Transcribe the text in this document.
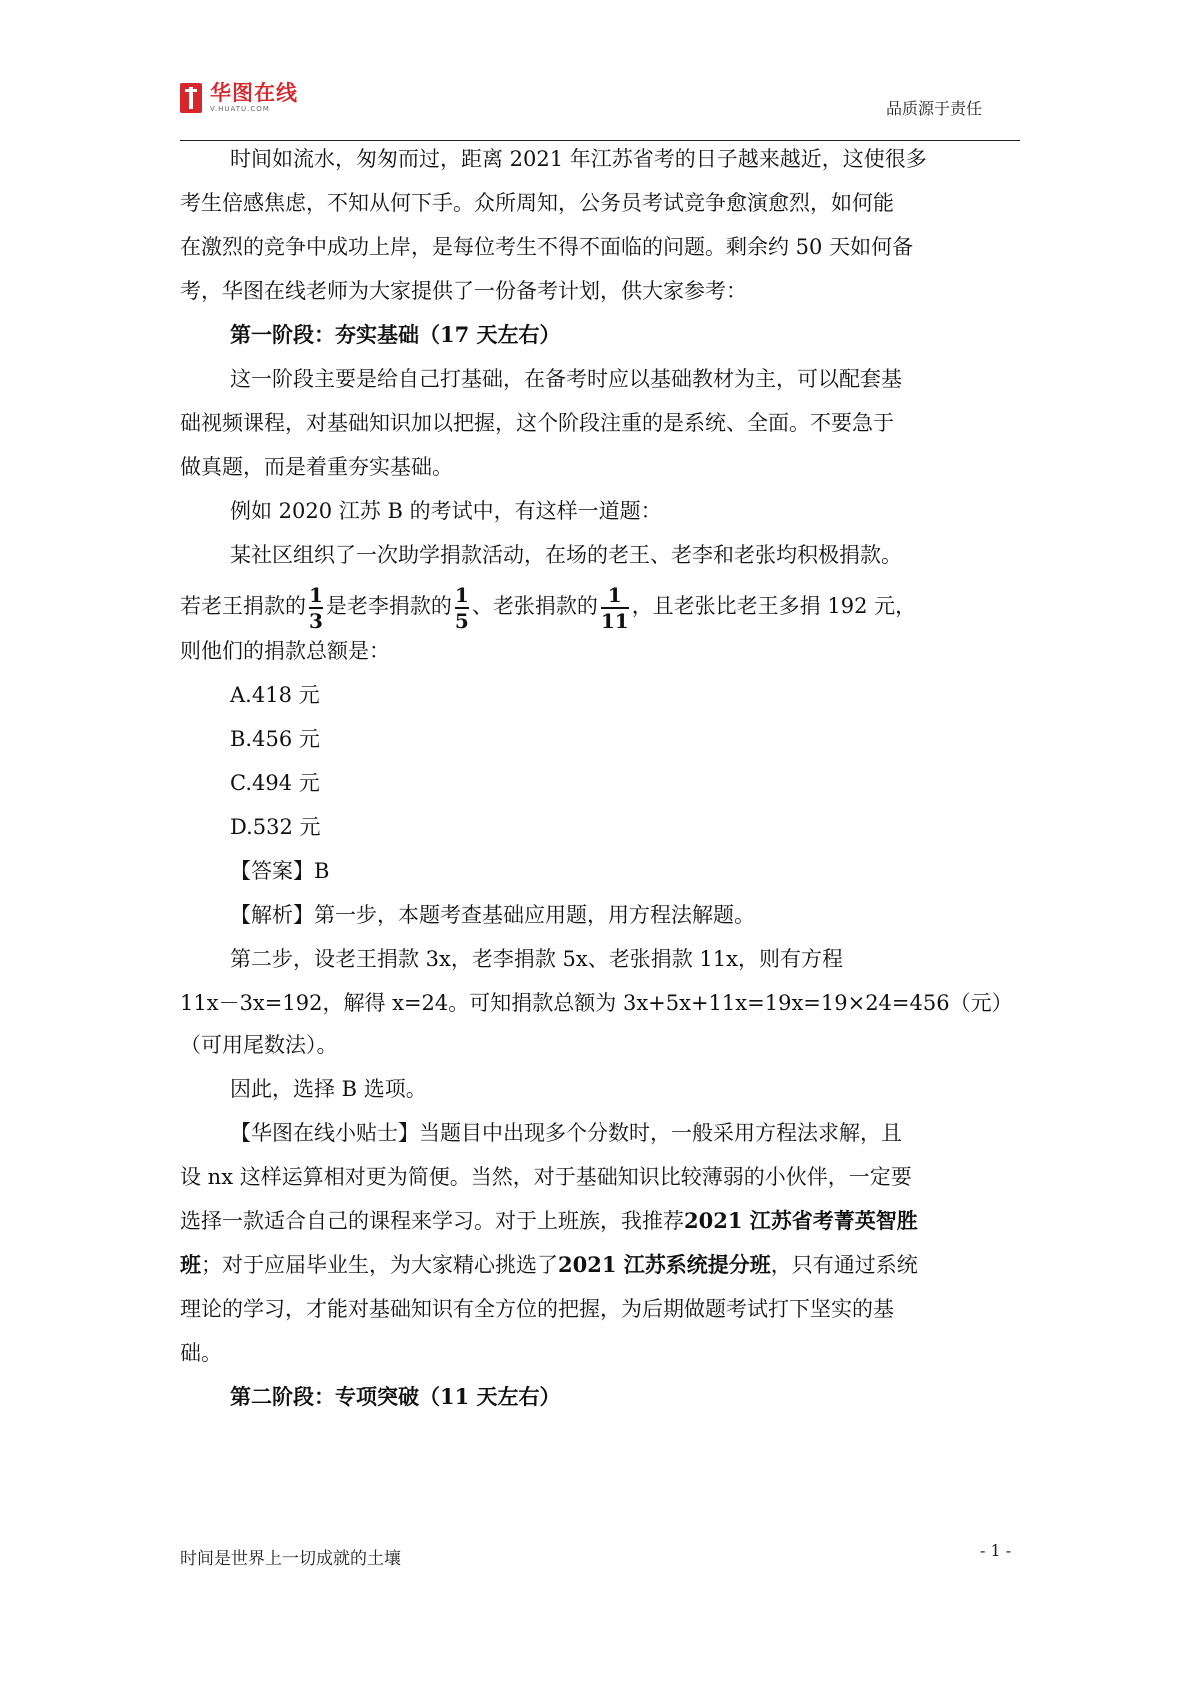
华图在线
V.HUATU.COM	品质源于责任
时间如流水，匆匆而过，距离 2021 年江苏省考的日子越来越近，这使很多
考生倍感焦虑，不知从何下手。众所周知，公务员考试竞争愈演愈烈，如何能
在激烈的竞争中成功上岸，是每位考生不得不面临的问题。剩余约 50 天如何备
考，华图在线老师为大家提供了一份备考计划，供大家参考：
第一阶段：夯实基础（17 天左右）
这一阶段主要是给自己打基础，在备考时应以基础教材为主，可以配套基
础视频课程，对基础知识加以把握，这个阶段注重的是系统、全面。不要急于
做真题，而是着重夯实基础。
例如 2020 江苏 B 的考试中，有这样一道题：
某社区组织了一次助学捐款活动，在场的老王、老李和老张均积极捐款。
若老王捐款的 $\frac{1}{3}$ 是老李捐款的 $\frac{1}{5}$ 、老张捐款的 $\frac{1}{11}$ ，且老张比老王多捐 192 元，
则他们的捐款总额是：
A.418 元
B.456 元
C.494 元
D.532 元
【答案】B
【解析】第一步，本题考查基础应用题，用方程法解题。
第二步，设老王捐款 3x，老李捐款 5x、老张捐款 11x，则有方程
11x－3x=192，解得 x=24。可知捐款总额为 3x+5x+11x=19x=19×24=456（元）
（可用尾数法）。
因此，选择 B 选项。
【华图在线小贴士】当题目中出现多个分数时，一般采用方程法求解，且
设 nx 这样运算相对更为简便。当然，对于基础知识比较薄弱的小伙伴，一定要
选择一款适合自己的课程来学习。对于上班族，我推荐2021 江苏省考菁英智胜
班；对于应届毕业生，为大家精心挑选了2021 江苏系统提分班，只有通过系统
理论的学习，才能对基础知识有全方位的把握，为后期做题考试打下坚实的基
础。
第二阶段：专项突破（11 天左右）
时间是世界上一切成就的土壤	- 1 -
